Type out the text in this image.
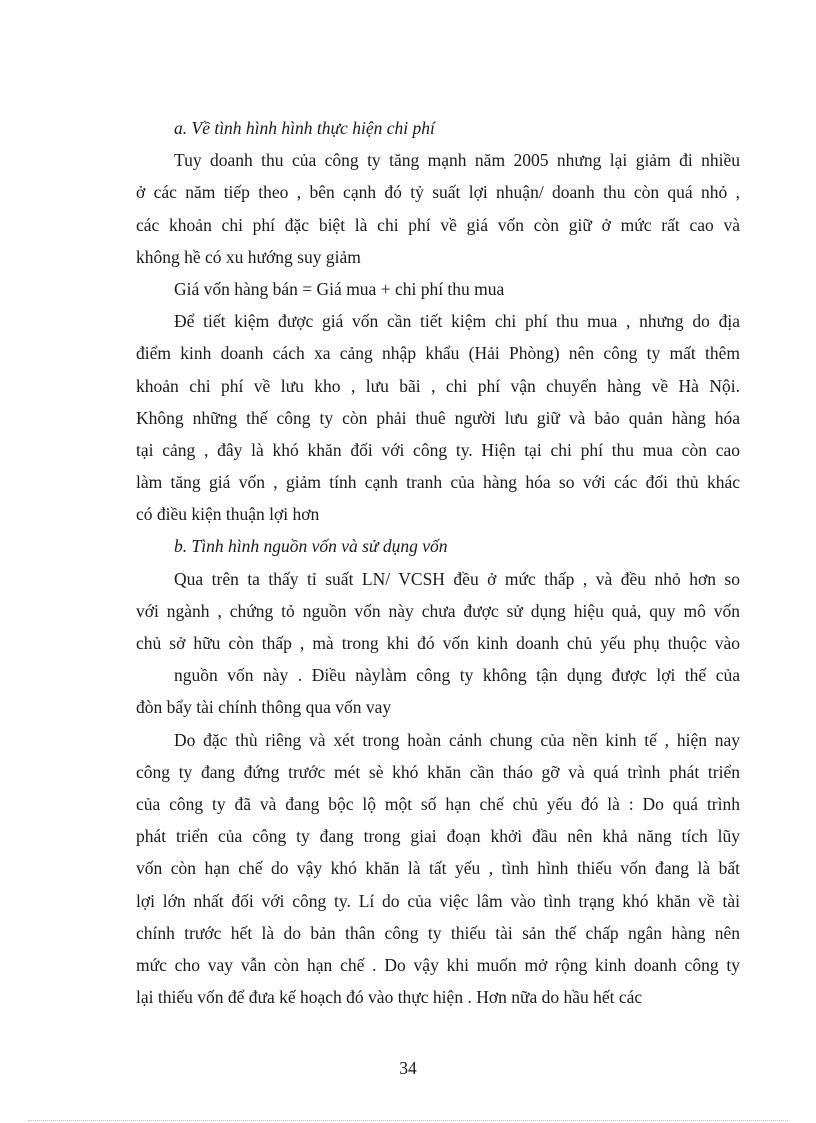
a. Về tình hình hình thực hiện chi phí
Tuy doanh thu của công ty tăng mạnh năm 2005 nhưng lại giảm đi nhiều
ở các năm tiếp theo , bên cạnh đó tỷ suất lợi nhuận/ doanh thu còn quá nhỏ ,
các khoản chi phí đặc biệt là chi phí về giá vốn còn giữ ở mức rất cao và
không hề có xu hướng suy giảm
Giá vốn hàng bán = Giá mua + chi phí thu mua
Để tiết kiệm được giá vốn cần tiết kiệm chi phí thu mua , nhưng do địa
điểm kinh doanh cách xa cảng nhập khẩu (Hải Phòng) nên công ty mất thêm
khoản chi phí về lưu kho , lưu bãi , chi phí vận chuyển hàng về Hà Nội.
Không những thế công ty còn phải thuê người lưu giữ và bảo quản hàng hóa
tại cảng , đây là khó khăn đối với công ty. Hiện tại chi phí thu mua còn cao
làm tăng giá vốn , giảm tính cạnh tranh của hàng hóa so với các đối thủ khác
có điều kiện thuận lợi hơn
b. Tình hình nguồn vốn và sử dụng vốn
Qua trên ta thấy tỉ suất LN/ VCSH đều ở mức thấp , và đều nhỏ hơn so
với ngành , chứng tỏ nguồn vốn này chưa được sử dụng hiệu quả, quy mô vốn
chủ sở hữu còn thấp , mà trong khi đó vốn kinh doanh chủ yếu phụ thuộc vào
nguồn vốn này . Điều nàylàm công ty không tận dụng được lợi thế của
đòn bẩy tài chính thông qua vốn vay
Do đặc thù riêng và xét trong hoàn cảnh chung của nền kinh tế , hiện nay
công ty đang đứng trước mét sè khó khăn cần tháo gỡ và quá trình phát triển
của công ty đã và đang bộc lộ một số hạn chế chủ yếu đó là : Do quá trình
phát triển của công ty đang trong giai đoạn khởi đầu nên khả năng tích lũy
vốn còn hạn chế do vậy khó khăn là tất yếu , tình hình thiếu vốn đang là bất
lợi lớn nhất đối với công ty. Lí do của việc lâm vào tình trạng khó khăn về tài
chính trước hết là do bản thân công ty thiếu tài sản thế chấp ngân hàng nên
mức cho vay vẫn còn hạn chế . Do vậy khi muốn mở rộng kinh doanh công ty
lại thiếu vốn để đưa kế hoạch đó vào thực hiện . Hơn nữa do hầu hết các
34
